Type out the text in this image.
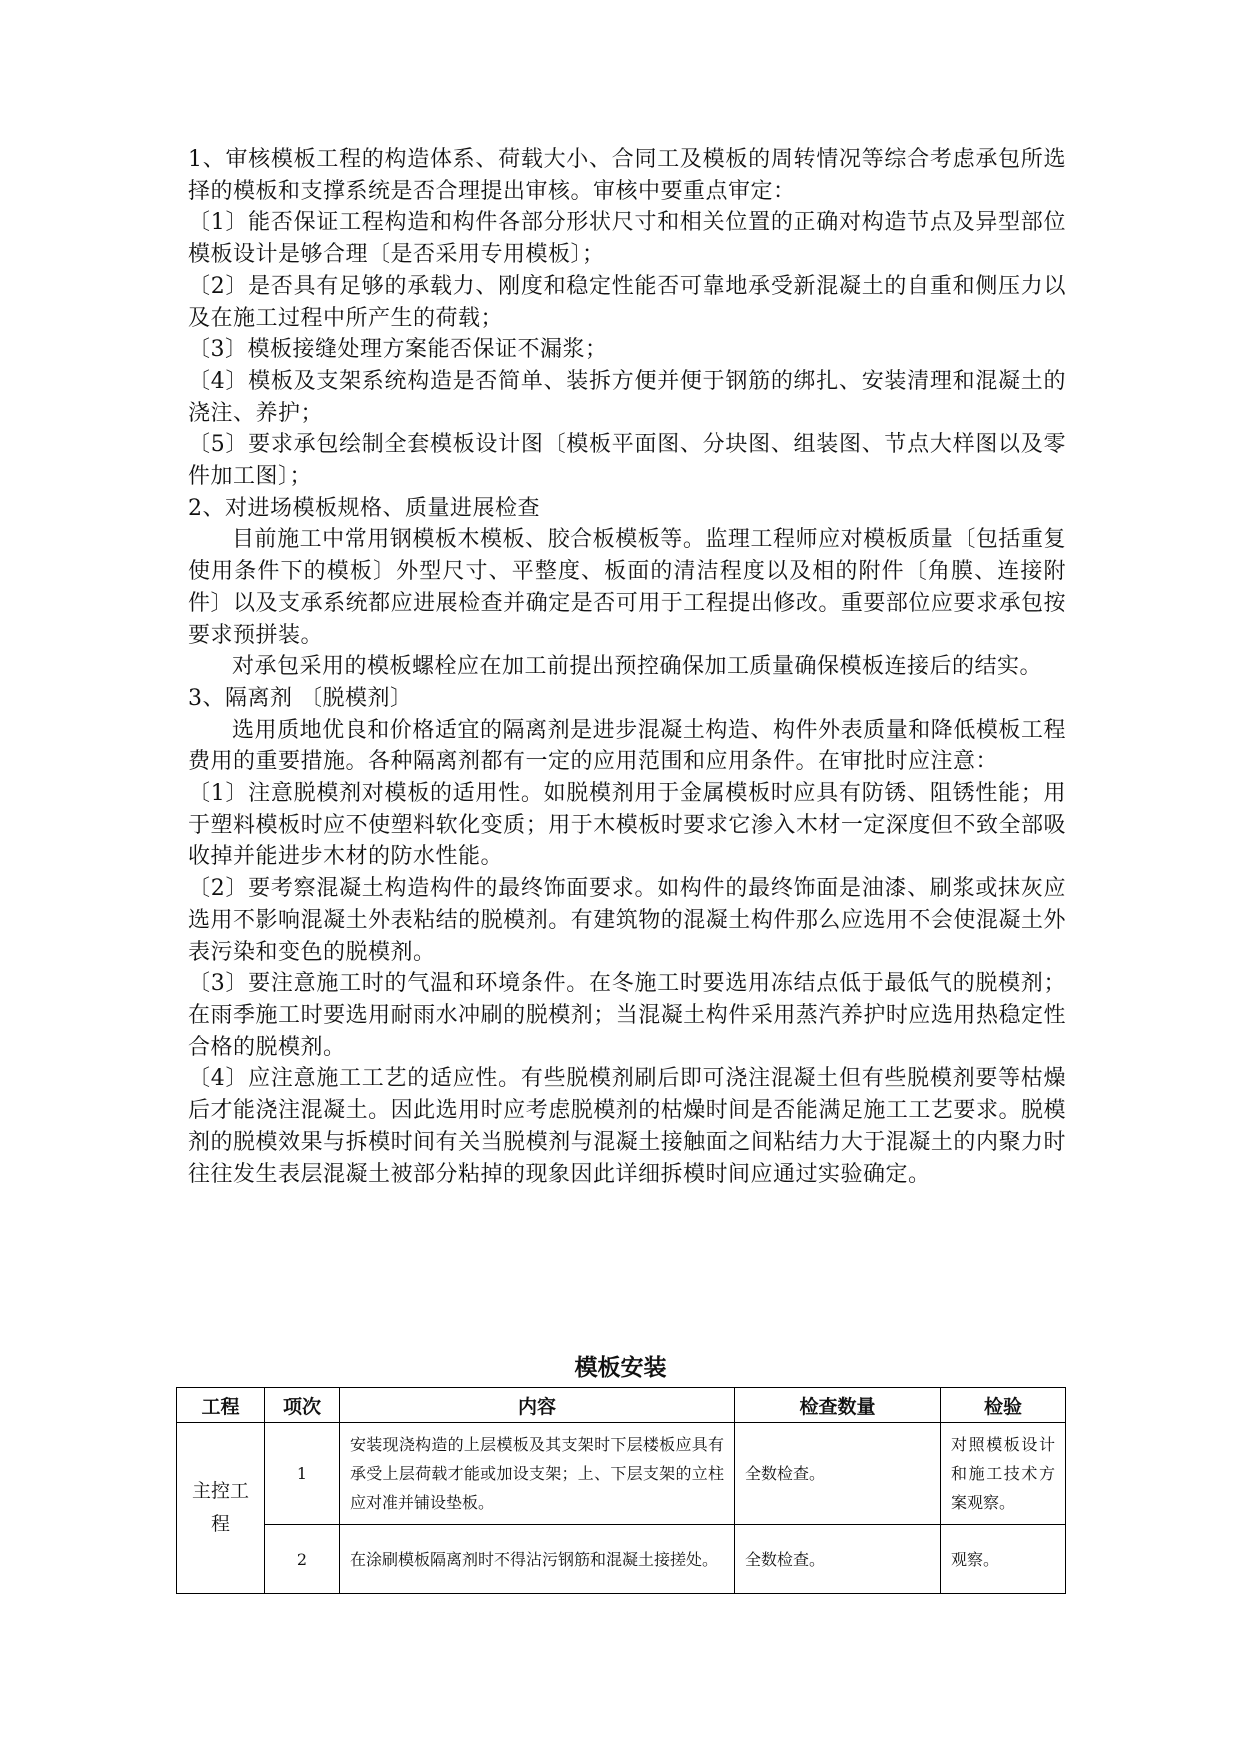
1、审核模板工程的构造体系、荷载大小、合同工及模板的周转情况等综合考虑承包所选择的模板和支撑系统是否合理提出审核。审核中要重点审定：

〔1〕能否保证工程构造和构件各部分形状尺寸和相关位置的正确对构造节点及异型部位模板设计是够合理〔是否采用专用模板〕；

〔2〕是否具有足够的承载力、刚度和稳定性能否可靠地承受新混凝土的自重和侧压力以及在施工过程中所产生的荷载；

〔3〕模板接缝处理方案能否保证不漏浆；

〔4〕模板及支架系统构造是否简单、装拆方便并便于钢筋的绑扎、安装清理和混凝土的浇注、养护；

〔5〕要求承包绘制全套模板设计图〔模板平面图、分块图、组装图、节点大样图以及零件加工图〕；

2、对进场模板规格、质量进展检查

目前施工中常用钢模板木模板、胶合板模板等。监理工程师应对模板质量〔包括重复使用条件下的模板〕外型尺寸、平整度、板面的清洁程度以及相的附件〔角膜、连接附件〕以及支承系统都应进展检查并确定是否可用于工程提出修改。重要部位应要求承包按要求预拼装。

对承包采用的模板螺栓应在加工前提出预控确保加工质量确保模板连接后的结实。

3、隔离剂 〔脱模剂〕

选用质地优良和价格适宜的隔离剂是进步混凝土构造、构件外表质量和降低模板工程费用的重要措施。各种隔离剂都有一定的应用范围和应用条件。在审批时应注意：

〔1〕注意脱模剂对模板的适用性。如脱模剂用于金属模板时应具有防锈、阻锈性能；用于塑料模板时应不使塑料软化变质；用于木模板时要求它渗入木材一定深度但不致全部吸收掉并能进步木材的防水性能。

〔2〕要考察混凝土构造构件的最终饰面要求。如构件的最终饰面是油漆、刷浆或抹灰应选用不影响混凝土外表粘结的脱模剂。有建筑物的混凝土构件那么应选用不会使混凝土外表污染和变色的脱模剂。

〔3〕要注意施工时的气温和环境条件。在冬施工时要选用冻结点低于最低气的脱模剂；在雨季施工时要选用耐雨水冲刷的脱模剂；当混凝土构件采用蒸汽养护时应选用热稳定性合格的脱模剂。

〔4〕应注意施工工艺的适应性。有些脱模剂刷后即可浇注混凝土但有些脱模剂要等枯燥后才能浇注混凝土。因此选用时应考虑脱模剂的枯燥时间是否能满足施工工艺要求。脱模剂的脱模效果与拆模时间有关当脱模剂与混凝土接触面之间粘结力大于混凝土的内聚力时往往发生表层混凝土被部分粘掉的现象因此详细拆模时间应通过实验确定。

模板安装
工程	项次	内容	检查数量	检验
主控工程	1	安装现浇构造的上层模板及其支架时下层楼板应具有承受上层荷载才能或加设支架；上、下层支架的立柱应对准并铺设垫板。	全数检查。	对照模板设计和施工技术方案观察。
	2	在涂刷模板隔离剂时不得沾污钢筋和混凝土接搓处。	全数检查。	观察。
